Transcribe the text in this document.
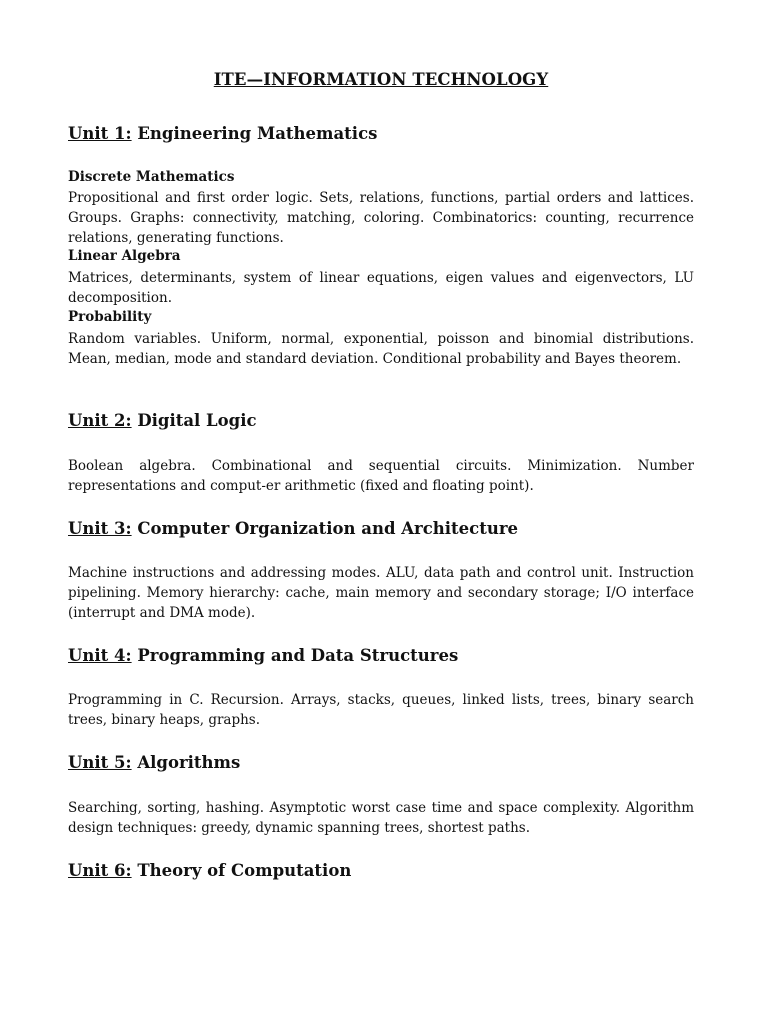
ITE—INFORMATION TECHNOLOGY
Unit 1: Engineering Mathematics
Discrete Mathematics
Propositional and first order logic. Sets, relations, functions, partial orders and lattices. Groups. Graphs: connectivity, matching, coloring. Combinatorics: counting, recurrence relations, generating functions.
Linear Algebra
Matrices, determinants, system of linear equations, eigen values and eigenvectors, LU decomposition.
Probability
Random variables. Uniform, normal, exponential, poisson and binomial distributions. Mean, median, mode and standard deviation. Conditional probability and Bayes theorem.
Unit 2: Digital Logic
Boolean algebra. Combinational and sequential circuits. Minimization. Number representations and comput-er arithmetic (fixed and floating point).
Unit 3: Computer Organization and Architecture
Machine instructions and addressing modes. ALU, data path and control unit. Instruction pipelining. Memory hierarchy: cache, main memory and secondary storage; I/O interface (interrupt and DMA mode).
Unit 4: Programming and Data Structures
Programming in C. Recursion. Arrays, stacks, queues, linked lists, trees, binary search trees, binary heaps, graphs.
Unit 5: Algorithms
Searching, sorting, hashing. Asymptotic worst case time and space complexity. Algorithm design techniques: greedy, dynamic spanning trees, shortest paths.
Unit 6: Theory of Computation
